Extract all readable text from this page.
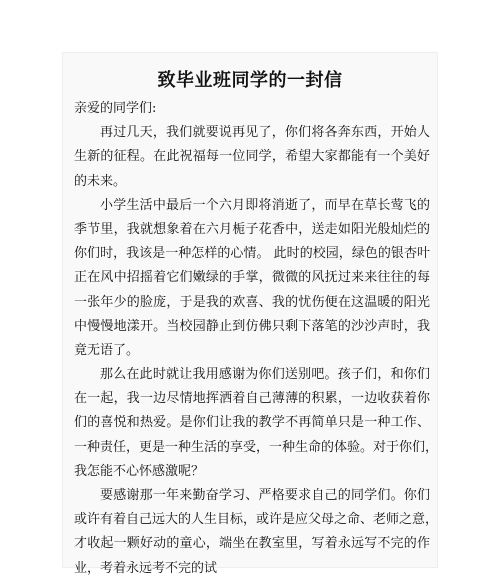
致毕业班同学的一封信
亲爱的同学们:
再过几天，我们就要说再见了，你们将各奔东西，开始人
生新的征程。在此祝福每一位同学，希望大家都能有一个美好
的未来。
小学生活中最后一个六月即将消逝了，而早在草长莺飞的
季节里，我就想象着在六月栀子花香中，送走如阳光般灿烂的
你们时，我该是一种怎样的心情。 此时的校园，绿色的银杏叶
正在风中招摇着它们嫩绿的手掌，微微的风抚过来来往往的每
一张年少的脸庞，于是我的欢喜、我的忧伤便在这温暖的阳光
中慢慢地漾开。当校园静止到仿佛只剩下落笔的沙沙声时，我
竟无语了。
那么在此时就让我用感谢为你们送别吧。孩子们，和你们
在一起，我一边尽情地挥洒着自己薄薄的积累，一边收获着你
们的喜悦和热爱。是你们让我的教学不再简单只是一种工作、
一种责任，更是一种生活的享受，一种生命的体验。对于你们，
我怎能不心怀感激呢？
要感谢那一年来勤奋学习、严格要求自己的同学们。你们
或许有着自己远大的人生目标，或许是应父母之命、老师之意，
才收起一颗好动的童心，端坐在教室里，写着永远写不完的作
业，考着永远考不完的试
